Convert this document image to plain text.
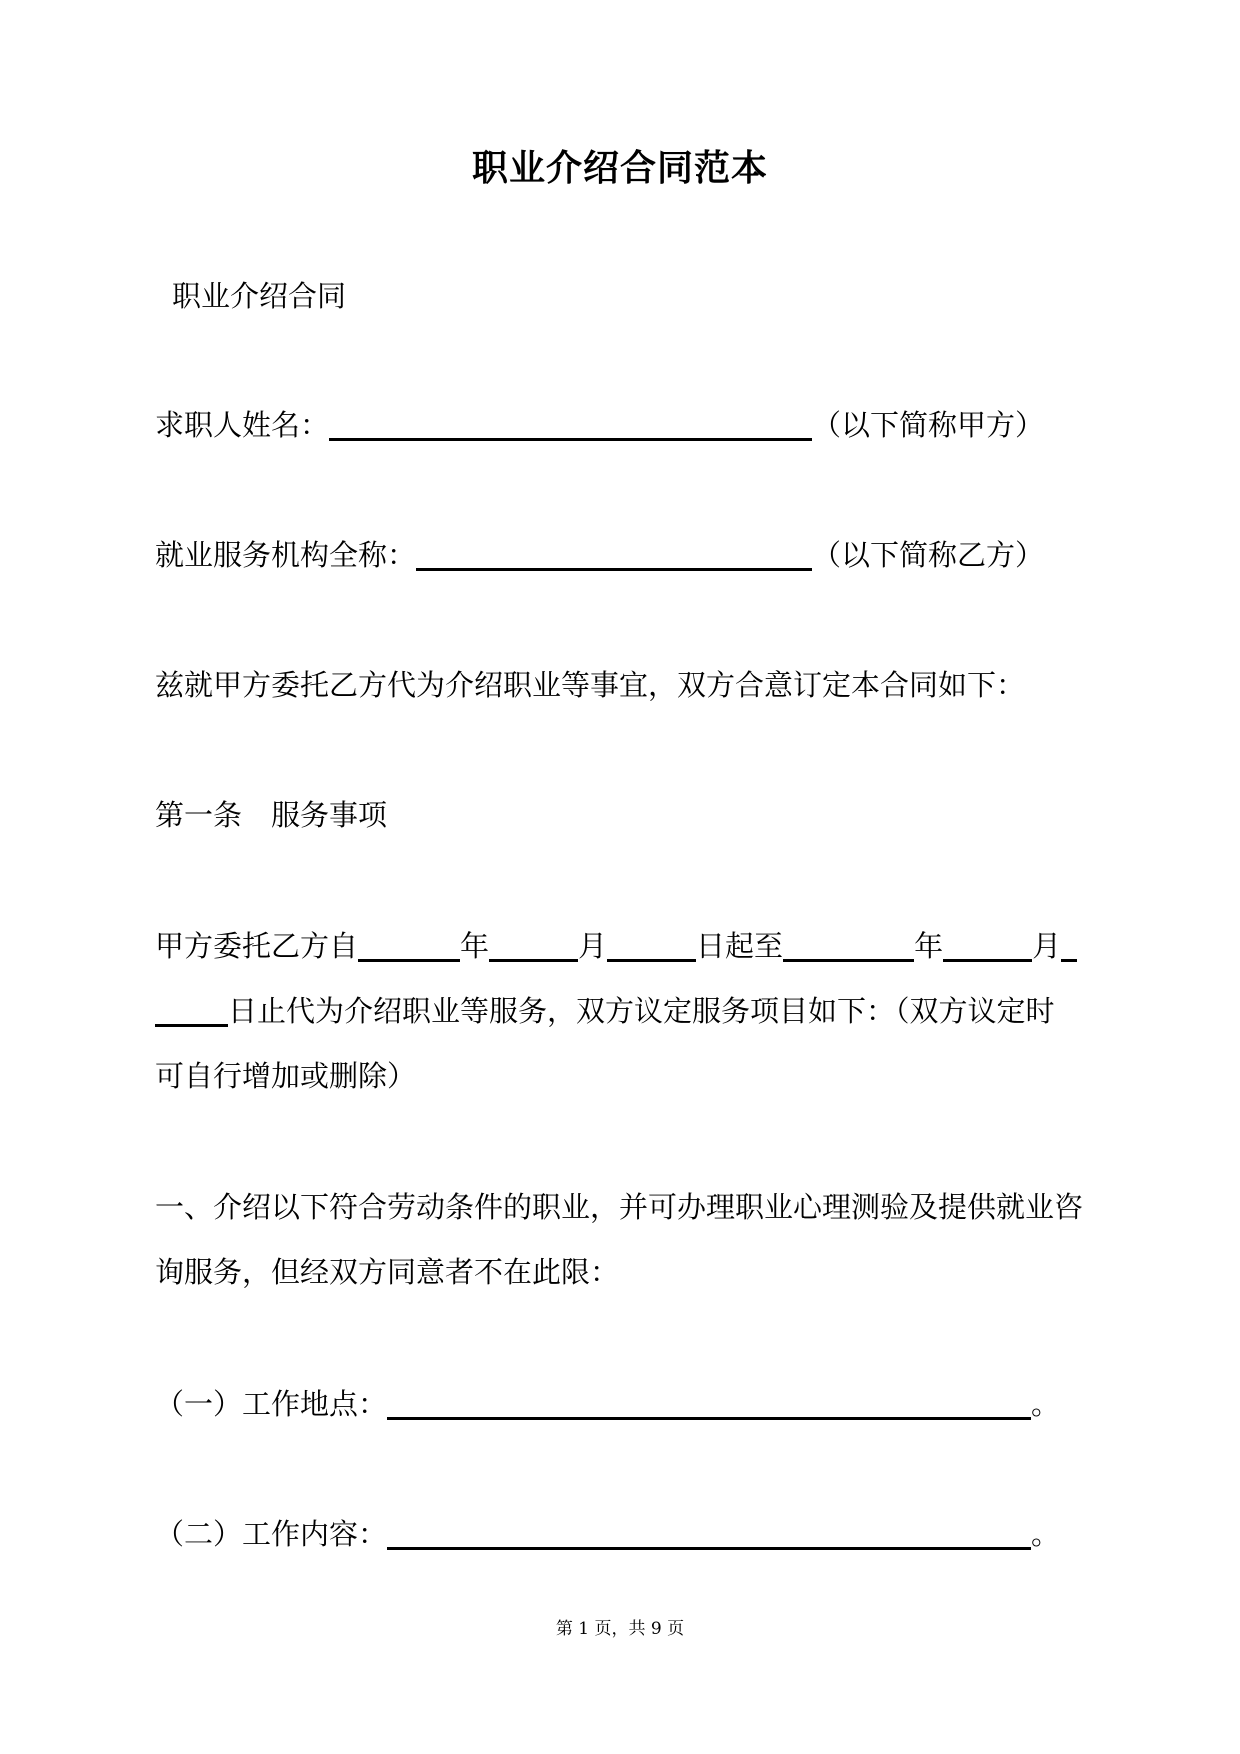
职业介绍合同范本
职业介绍合同
求职人姓名：	（以下简称甲方）
就业服务机构全称：	（以下简称乙方）
兹就甲方委托乙方代为介绍职业等事宜，双方合意订定本合同如下：
第一条　服务事项
甲方委托乙方自	年	月	日起至	年	月
日止代为介绍职业等服务，双方议定服务项目如下：（双方议定时
可自行增加或删除）
一、介绍以下符合劳动条件的职业，并可办理职业心理测验及提供就业咨
询服务，但经双方同意者不在此限：
（一）工作地点：	。
（二）工作内容：	。
第 1 页，共 9 页
